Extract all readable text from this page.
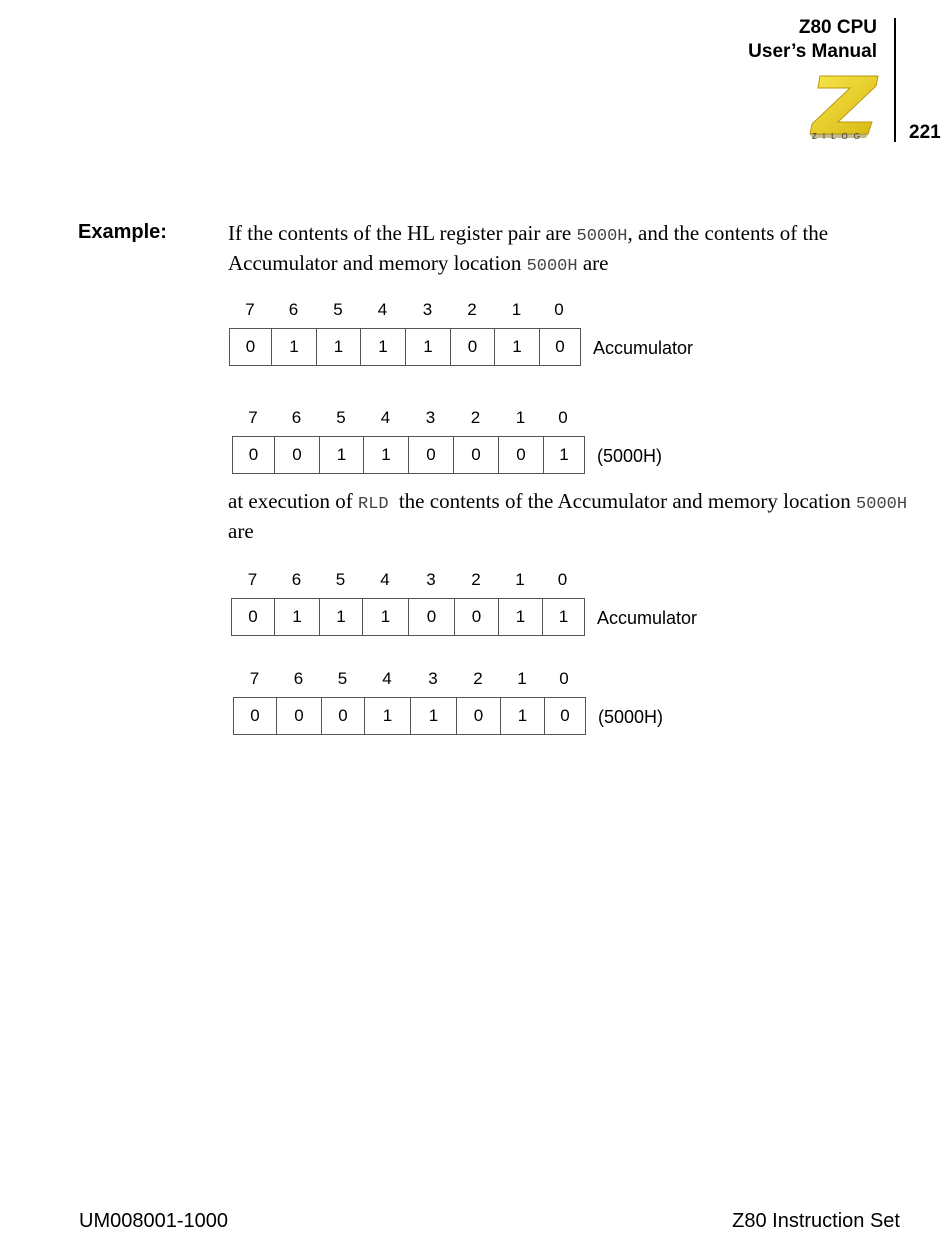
Z80 CPU
User’s Manual
ZILOG	221
Example:	If the contents of the HL register pair are 5000H, and the contents of the Accumulator and memory location 5000H are
7	6	5	4	3	2	1	0
0	1	1	1	1	0	1	0	Accumulator
7	6	5	4	3	2	1	0
0	0	1	1	0	0	0	1	(5000H)
at execution of RLD the contents of the Accumulator and memory location 5000H are
7	6	5	4	3	2	1	0
0	1	1	1	0	0	1	1	Accumulator
7	6	5	4	3	2	1	0
0	0	0	1	1	0	1	0	(5000H)
UM008001-1000	Z80 Instruction Set
